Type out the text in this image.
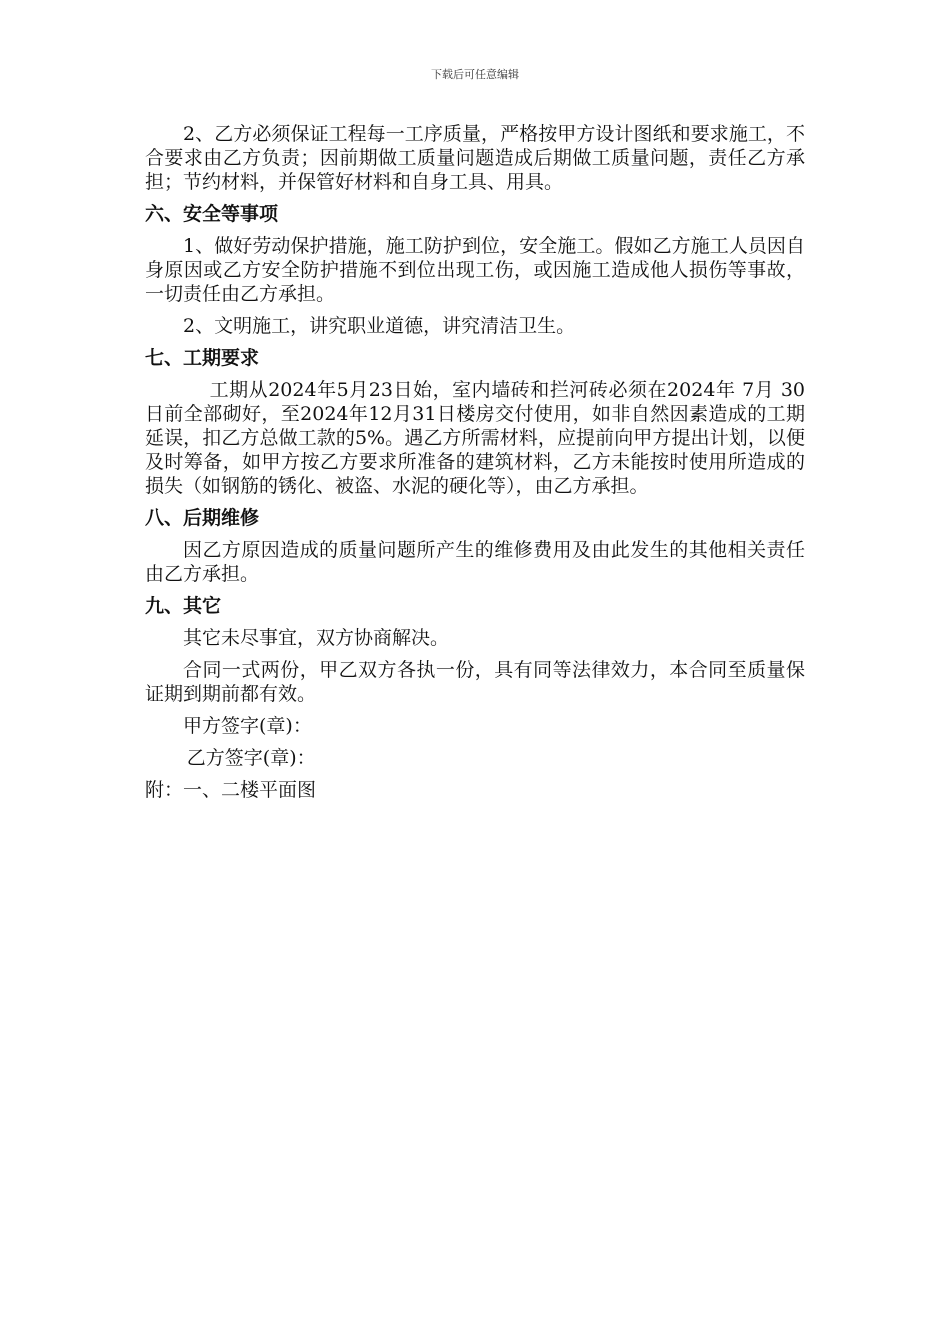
下载后可任意编辑

2、乙方必须保证工程每一工序质量，严格按甲方设计图纸和要求施工，不合要求由乙方负责；因前期做工质量问题造成后期做工质量问题，责任乙方承担；节约材料，并保管好材料和自身工具、用具。

六、安全等事项

1、做好劳动保护措施，施工防护到位，安全施工。假如乙方施工人员因自身原因或乙方安全防护措施不到位出现工伤，或因施工造成他人损伤等事故，一切责任由乙方承担。

2、文明施工，讲究职业道德，讲究清洁卫生。

七、工期要求

工期从2024年5月23日始，室内墙砖和拦河砖必须在2024年 7月 30日前全部砌好，至2024年12月31日楼房交付使用，如非自然因素造成的工期延误，扣乙方总做工款的5%。遇乙方所需材料，应提前向甲方提出计划，以便及时筹备，如甲方按乙方要求所准备的建筑材料，乙方未能按时使用所造成的损失（如钢筋的锈化、被盗、水泥的硬化等），由乙方承担。

八、后期维修

因乙方原因造成的质量问题所产生的维修费用及由此发生的其他相关责任由乙方承担。

九、其它

其它未尽事宜，双方协商解决。

合同一式两份，甲乙双方各执一份，具有同等法律效力，本合同至质量保证期到期前都有效。

甲方签字(章)：

乙方签字(章)：

附：一、二楼平面图
